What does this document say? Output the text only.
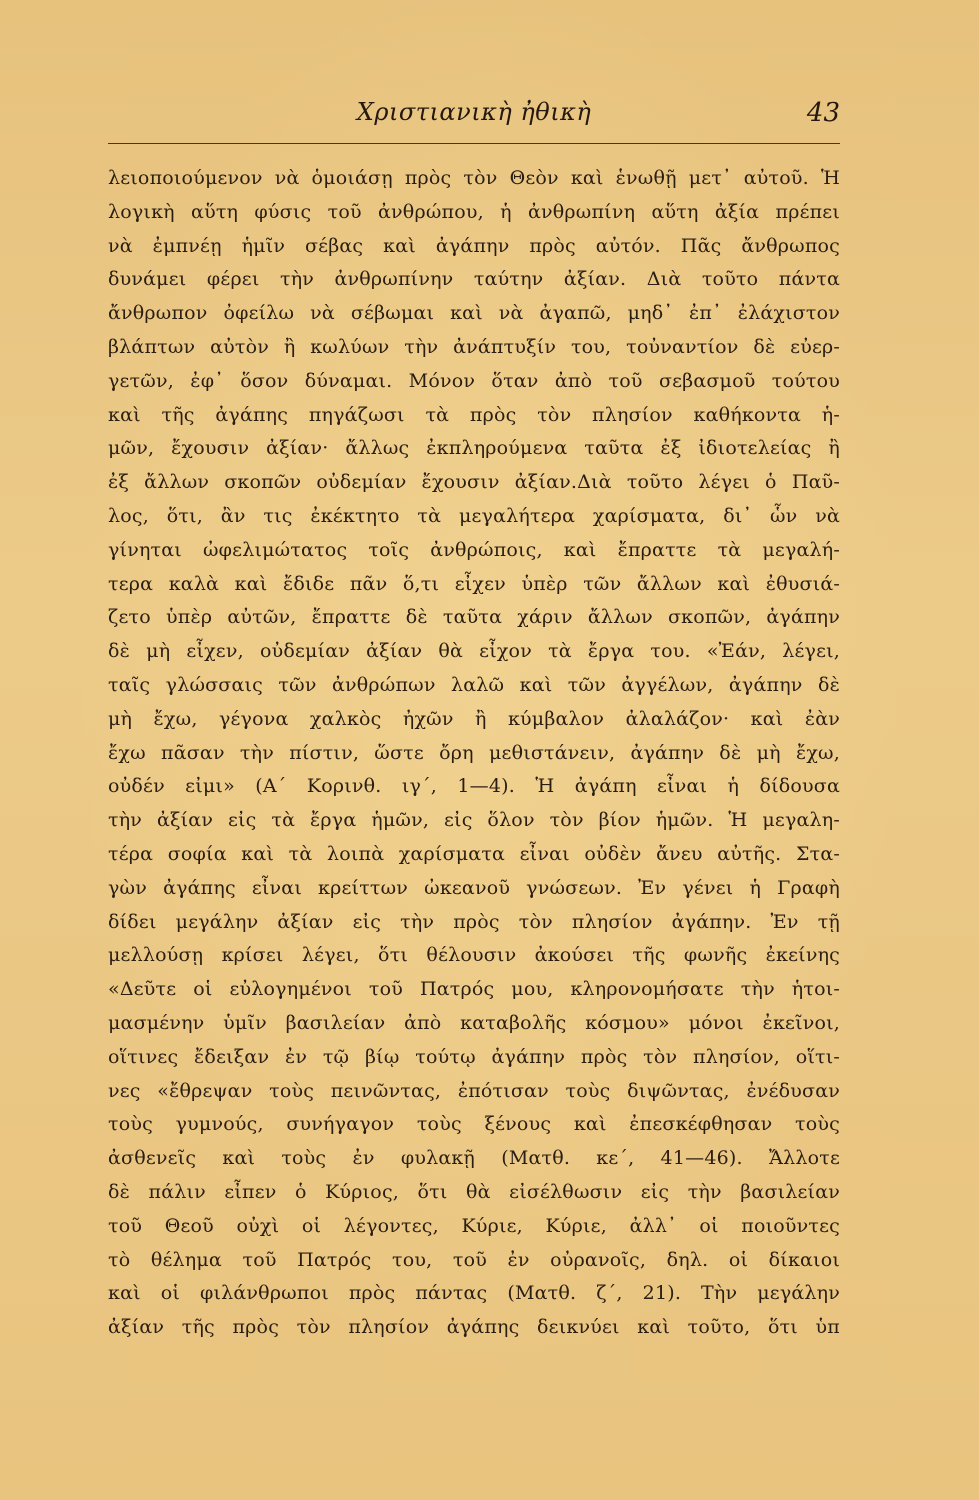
Χριστιανικὴ ἠθικὴ	43
λειοποιούμενον νὰ ὁμοιάσῃ πρὸς τὸν Θεὸν καὶ ἑνωθῇ μετ᾽ αὐτοῦ. Ἡ
λογικὴ αὕτη φύσις τοῦ ἀνθρώπου, ἡ ἀνθρωπίνη αὕτη ἀξία πρέπει
νὰ ἐμπνέῃ ἡμῖν σέβας καὶ ἀγάπην πρὸς αὐτόν. Πᾶς ἄνθρωπος
δυνάμει φέρει τὴν ἀνθρωπίνην ταύτην ἀξίαν. Διὰ τοῦτο πάντα
ἄνθρωπον ὀφείλω νὰ σέβωμαι καὶ νὰ ἀγαπῶ, μηδ᾽ ἐπ᾽ ἐλάχιστον
βλάπτων αὐτὸν ἢ κωλύων τὴν ἀνάπτυξίν του, τοὐναντίον δὲ εὐερ-
γετῶν, ἐφ᾽ ὅσον δύναμαι. Μόνον ὅταν ἀπὸ τοῦ σεβασμοῦ τούτου
καὶ τῆς ἀγάπης πηγάζωσι τὰ πρὸς τὸν πλησίον καθήκοντα ἡ-
μῶν, ἔχουσιν ἀξίαν· ἄλλως ἐκπληρούμενα ταῦτα ἐξ ἰδιοτελείας ἢ
ἐξ ἄλλων σκοπῶν οὐδεμίαν ἔχουσιν ἀξίαν.Διὰ τοῦτο λέγει ὁ Παῦ-
λος, ὅτι, ἂν τις ἐκέκτητο τὰ μεγαλήτερα χαρίσματα, δι᾽ ὧν νὰ
γίνηται ὠφελιμώτατος τοῖς ἀνθρώποις, καὶ ἔπραττε τὰ μεγαλή-
τερα καλὰ καὶ ἔδιδε πᾶν ὅ,τι εἶχεν ὑπὲρ τῶν ἄλλων καὶ ἐθυσιά-
ζετο ὑπὲρ αὐτῶν, ἔπραττε δὲ ταῦτα χάριν ἄλλων σκοπῶν, ἀγάπην
δὲ μὴ εἶχεν, οὐδεμίαν ἀξίαν θὰ εἶχον τὰ ἔργα του. «Ἐάν, λέγει,
ταῖς γλώσσαις τῶν ἀνθρώπων λαλῶ καὶ τῶν ἀγγέλων, ἀγάπην δὲ
μὴ ἔχω, γέγονα χαλκὸς ἠχῶν ἢ κύμβαλον ἀλαλάζον· καὶ ἐὰν
ἔχω πᾶσαν τὴν πίστιν, ὥστε ὄρη μεθιστάνειν, ἀγάπην δὲ μὴ ἔχω,
οὐδέν εἰμι» (Α΄ Κορινθ. ιγ΄, 1—4). Ἡ ἀγάπη εἶναι ἡ δίδουσα
τὴν ἀξίαν εἰς τὰ ἔργα ἡμῶν, εἰς ὅλον τὸν βίον ἡμῶν. Ἡ μεγαλη-
τέρα σοφία καὶ τὰ λοιπὰ χαρίσματα εἶναι οὐδὲν ἄνευ αὐτῆς. Στα-
γὼν ἀγάπης εἶναι κρείττων ὠκεανοῦ γνώσεων. Ἐν γένει ἡ Γραφὴ
δίδει μεγάλην ἀξίαν εἰς τὴν πρὸς τὸν πλησίον ἀγάπην. Ἐν τῇ
μελλούσῃ κρίσει λέγει, ὅτι θέλουσιν ἀκούσει τῆς φωνῆς ἐκείνης
«Δεῦτε οἱ εὐλογημένοι τοῦ Πατρός μου, κληρονομήσατε τὴν ἡτοι-
μασμένην ὑμῖν βασιλείαν ἀπὸ καταβολῆς κόσμου» μόνοι ἐκεῖνοι,
οἵτινες ἔδειξαν ἐν τῷ βίῳ τούτῳ ἀγάπην πρὸς τὸν πλησίον, οἵτι-
νες «ἔθρεψαν τοὺς πεινῶντας, ἐπότισαν τοὺς διψῶντας, ἐνέδυσαν
τοὺς γυμνούς, συνήγαγον τοὺς ξένους καὶ ἐπεσκέφθησαν τοὺς
ἀσθενεῖς καὶ τοὺς ἐν φυλακῇ (Ματθ. κε΄, 41—46). Ἄλλοτε
δὲ πάλιν εἶπεν ὁ Κύριος, ὅτι θὰ εἰσέλθωσιν εἰς τὴν βασιλείαν
τοῦ Θεοῦ οὐχὶ οἱ λέγοντες, Κύριε, Κύριε, ἀλλ᾽ οἱ ποιοῦντες
τὸ θέλημα τοῦ Πατρός του, τοῦ ἐν οὐρανοῖς, δηλ. οἱ δίκαιοι
καὶ οἱ φιλάνθρωποι πρὸς πάντας (Ματθ. ζ΄, 21). Τὴν μεγάλην
ἀξίαν τῆς πρὸς τὸν πλησίον ἀγάπης δεικνύει καὶ τοῦτο, ὅτι ὑπ
